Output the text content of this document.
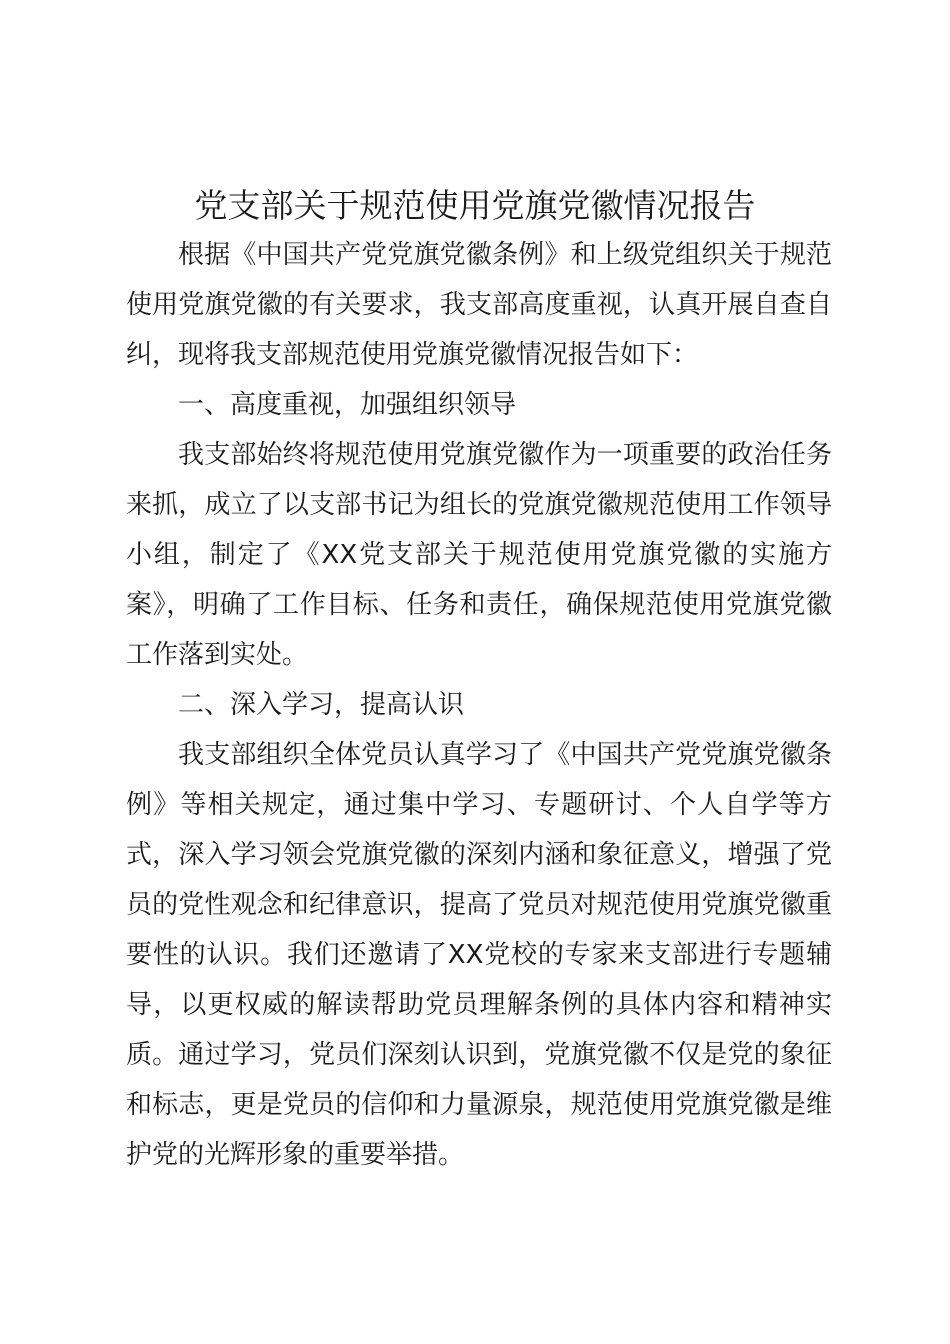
党支部关于规范使用党旗党徽情况报告

根据《中国共产党党旗党徽条例》和上级党组织关于规范使用党旗党徽的有关要求，我支部高度重视，认真开展自查自纠，现将我支部规范使用党旗党徽情况报告如下：

一、高度重视，加强组织领导

我支部始终将规范使用党旗党徽作为一项重要的政治任务来抓，成立了以支部书记为组长的党旗党徽规范使用工作领导小组，制定了《XX党支部关于规范使用党旗党徽的实施方案》，明确了工作目标、任务和责任，确保规范使用党旗党徽工作落到实处。

二、深入学习，提高认识

我支部组织全体党员认真学习了《中国共产党党旗党徽条例》等相关规定，通过集中学习、专题研讨、个人自学等方式，深入学习领会党旗党徽的深刻内涵和象征意义，增强了党员的党性观念和纪律意识，提高了党员对规范使用党旗党徽重要性的认识。我们还邀请了XX党校的专家来支部进行专题辅导，以更权威的解读帮助党员理解条例的具体内容和精神实质。通过学习，党员们深刻认识到，党旗党徽不仅是党的象征和标志，更是党员的信仰和力量源泉，规范使用党旗党徽是维护党的光辉形象的重要举措。
